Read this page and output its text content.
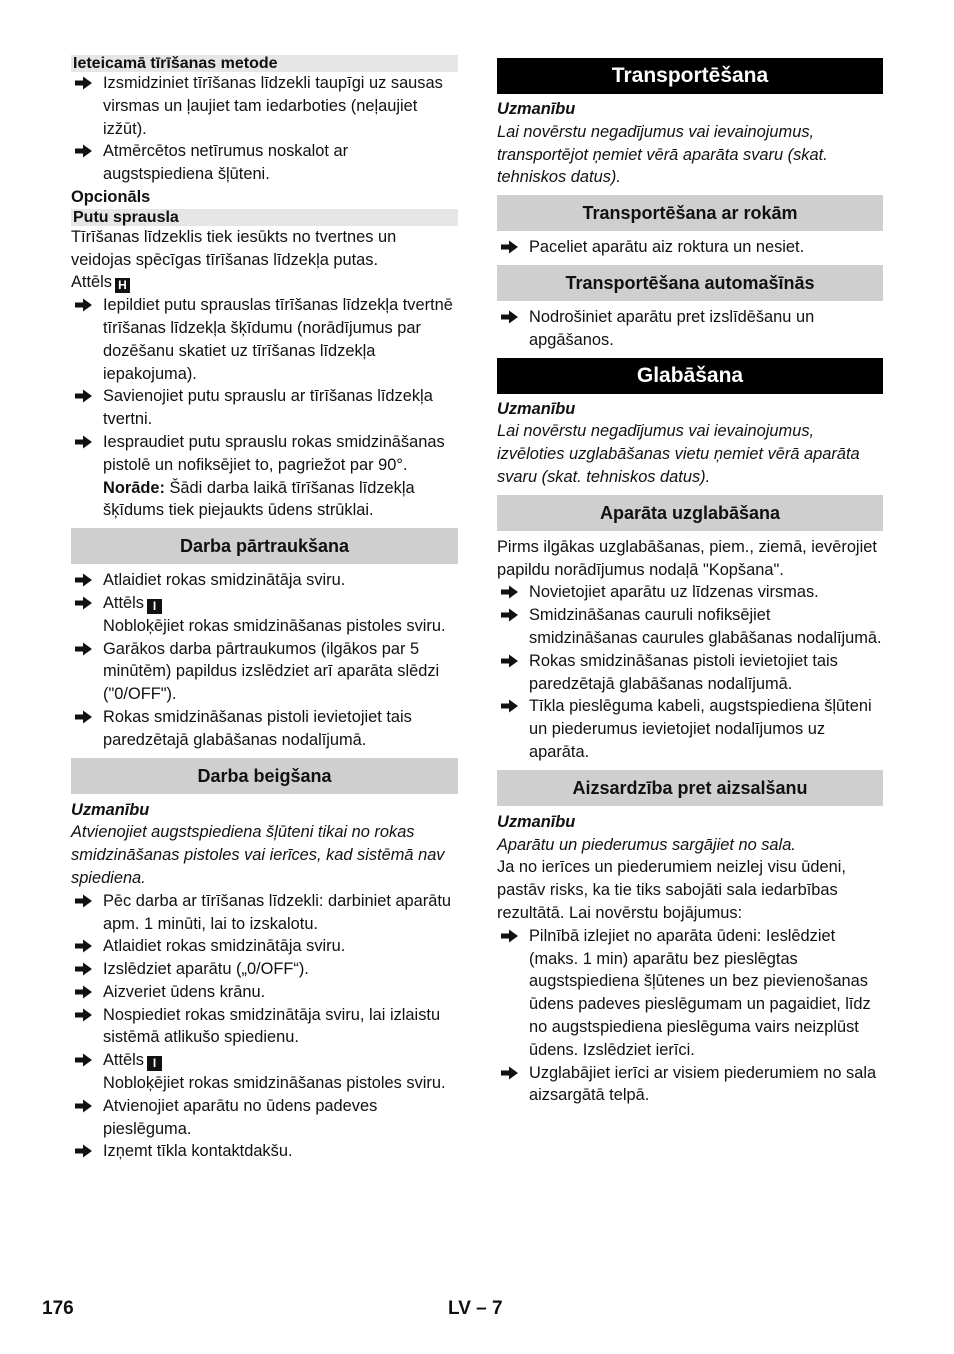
Ieteicamā tīrīšanas metode
Izsmidziniet tīrīšanas līdzekli taupīgi uz sausas virsmas un ļaujiet tam iedarboties (neļaujiet izžūt).
Atmērcētos netīrumus noskalot ar augstspiediena šļūteni.
Opcionāls
Putu sprausla
Tīrīšanas līdzeklis tiek iesūkts no tvertnes un veidojas spēcīgas tīrīšanas līdzekļa putas.
Attēls H
Iepildiet putu sprauslas tīrīšanas līdzekļa tvertnē tīrīšanas līdzekļa šķīdumu (norādījumus par dozēšanu skatiet uz tīrīšanas līdzekļa iepakojuma).
Savienojiet putu sprauslu ar tīrīšanas līdzekļa tvertni.
Iespraudiet putu sprauslu rokas smidzināšanas pistolē un nofiksējiet to, pagriežot par 90°.
Norāde: Šādi darba laikā tīrīšanas līdzekļa šķīdums tiek piejaukts ūdens strūklai.
Darba pārtraukšana
Atlaidiet rokas smidzinātāja sviru.
Attēls I
Nobloķējiet rokas smidzināšanas pistoles sviru.
Garākos darba pārtraukumos (ilgākos par 5 minūtēm) papildus izslēdziet arī aparāta slēdzi ("0/OFF").
Rokas smidzināšanas pistoli ievietojiet tais paredzētajā glabāšanas nodalījumā.
Darba beigšana
Uzmanību
Atvienojiet augstspiediena šļūteni tikai no rokas smidzināšanas pistoles vai ierīces, kad sistēmā nav spiediena.
Pēc darba ar tīrīšanas līdzekli: darbiniet aparātu apm. 1 minūti, lai to izskalotu.
Atlaidiet rokas smidzinātāja sviru.
Izslēdziet aparātu („0/OFF“).
Aizveriet ūdens krānu.
Nospiediet rokas smidzinātāja sviru, lai izlaistu sistēmā atlikušo spiedienu.
Attēls I
Nobloķējiet rokas smidzināšanas pistoles sviru.
Atvienojiet aparātu no ūdens padeves pieslēguma.
Izņemt tīkla kontaktdakšu.
Transportēšana
Uzmanību
Lai novērstu negadījumus vai ievainojumus, transportējot ņemiet vērā aparāta svaru (skat. tehniskos datus).
Transportēšana ar rokām
Paceliet aparātu aiz roktura un nesiet.
Transportēšana automašīnās
Nodrošiniet aparātu pret izslīdēšanu un apgāšanos.
Glabāšana
Uzmanību
Lai novērstu negadījumus vai ievainojumus, izvēloties uzglabāšanas vietu ņemiet vērā aparāta svaru (skat. tehniskos datus).
Aparāta uzglabāšana
Pirms ilgākas uzglabāšanas, piem., ziemā, ievērojiet papildu norādījumus nodaļā "Kopšana".
Novietojiet aparātu uz līdzenas virsmas.
Smidzināšanas cauruli nofiksējiet smidzināšanas caurules glabāšanas nodalījumā.
Rokas smidzināšanas pistoli ievietojiet tais paredzētajā glabāšanas nodalījumā.
Tīkla pieslēguma kabeli, augstspiediena šļūteni un piederumus ievietojiet nodalījumos uz aparāta.
Aizsardzība pret aizsalšanu
Uzmanību
Aparātu un piederumus sargājiet no sala.
Ja no ierīces un piederumiem neizlej visu ūdeni, pastāv risks, ka tie tiks sabojāti sala iedarbības rezultātā. Lai novērstu bojājumus:
Pilnībā izlejiet no aparāta ūdeni: Ieslēdziet (maks. 1 min) aparātu bez pieslēgtas augstspiediena šļūtenes un bez pievienošanas ūdens padeves pieslēgumam un pagaidiet, līdz no augstspiediena pieslēguma vairs neizplūst ūdens. Izslēdziet ierīci.
Uzglabājiet ierīci ar visiem piederumiem no sala aizsargātā telpā.
176	LV – 7
